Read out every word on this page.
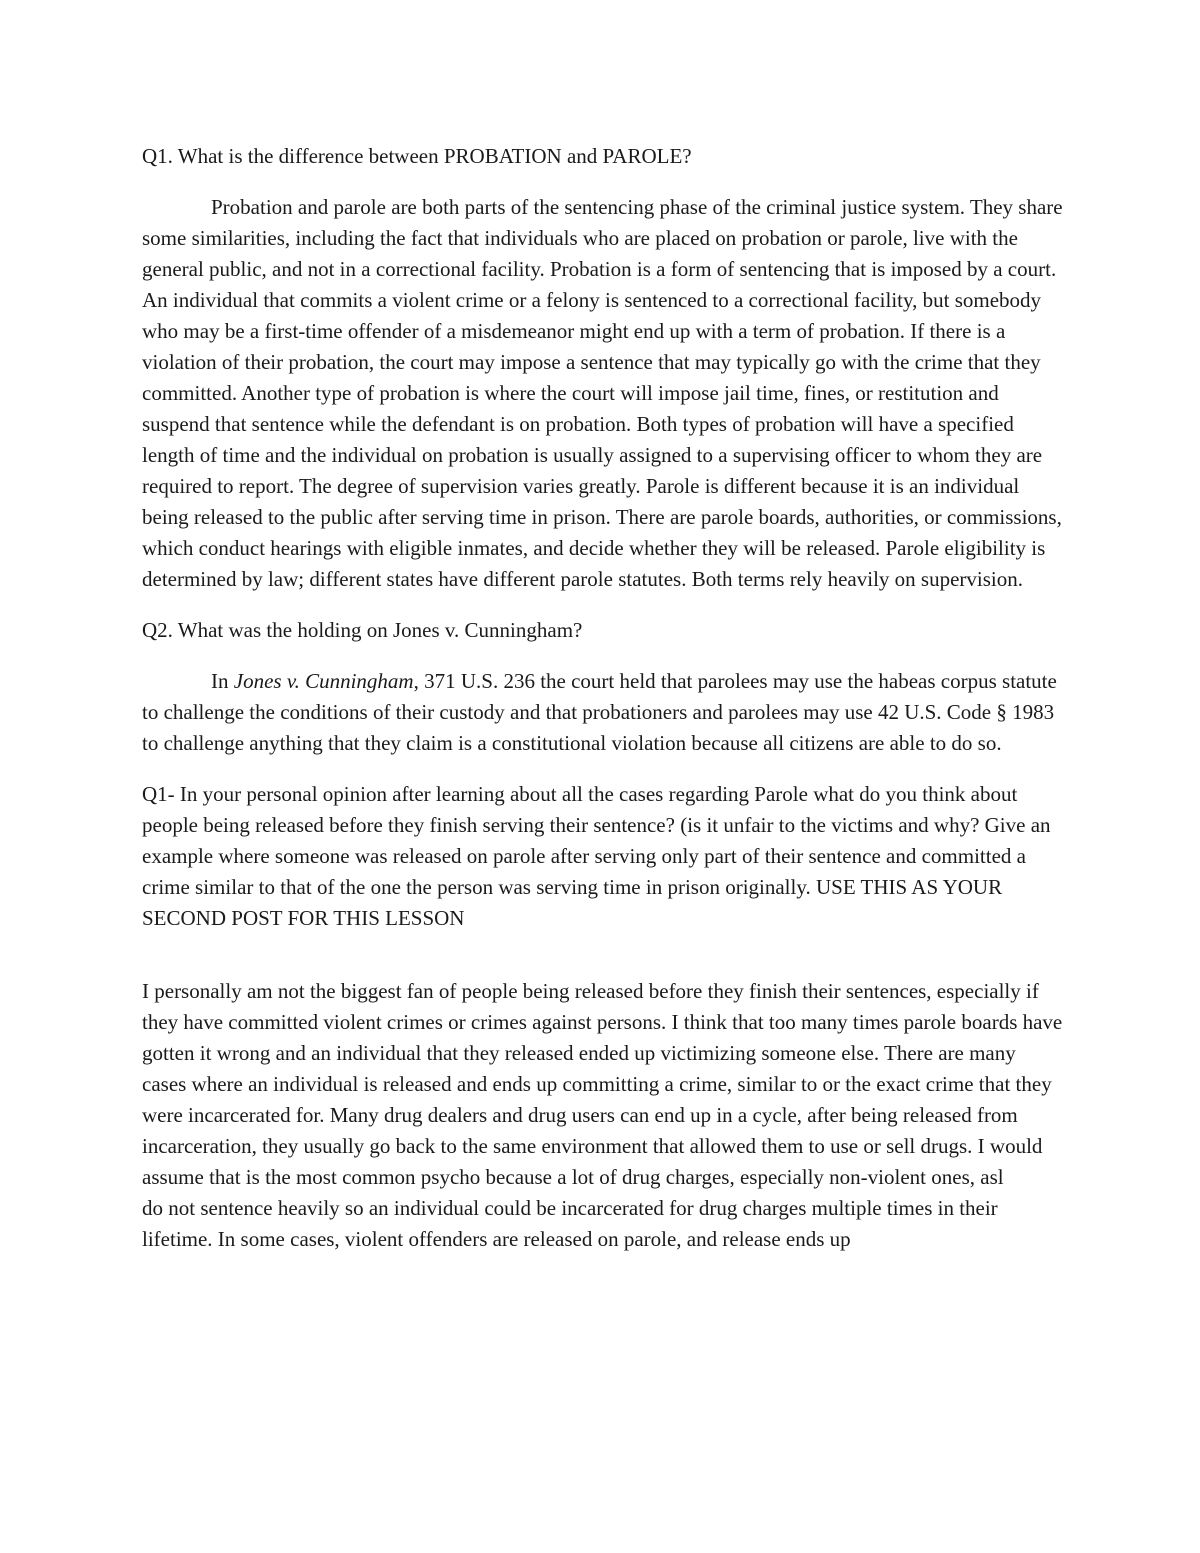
Q1. What is the difference between PROBATION and PAROLE?

Probation and parole are both parts of the sentencing phase of the criminal justice system. They share some similarities, including the fact that individuals who are placed on probation or parole, live with the general public, and not in a correctional facility. Probation is a form of sentencing that is imposed by a court. An individual that commits a violent crime or a felony is sentenced to a correctional facility, but somebody who may be a first-time offender of a misdemeanor might end up with a term of probation. If there is a violation of their probation, the court may impose a sentence that may typically go with the crime that they committed. Another type of probation is where the court will impose jail time, fines, or restitution and suspend that sentence while the defendant is on probation. Both types of probation will have a specified length of time and the individual on probation is usually assigned to a supervising officer to whom they are required to report. The degree of supervision varies greatly. Parole is different because it is an individual being released to the public after serving time in prison. There are parole boards, authorities, or commissions, which conduct hearings with eligible inmates, and decide whether they will be released. Parole eligibility is determined by law; different states have different parole statutes. Both terms rely heavily on supervision.

Q2. What was the holding on Jones v. Cunningham?

In Jones v. Cunningham, 371 U.S. 236 the court held that parolees may use the habeas corpus statute to challenge the conditions of their custody and that probationers and parolees may use 42 U.S. Code § 1983 to challenge anything that they claim is a constitutional violation because all citizens are able to do so.

Q1- In your personal opinion after learning about all the cases regarding Parole what do you think about people being released before they finish serving their sentence? (is it unfair to the victims and why? Give an example where someone was released on parole after serving only part of their sentence and committed a crime similar to that of the one the person was serving time in prison originally. USE THIS AS YOUR SECOND POST FOR THIS LESSON

I personally am not the biggest fan of people being released before they finish their sentences, especially if they have committed violent crimes or crimes against persons. I think that too many times parole boards have gotten it wrong and an individual that they released ended up victimizing someone else. There are many cases where an individual is released and ends up committing a crime, similar to or the exact crime that they were incarcerated for. Many drug dealers and drug users can end up in a cycle, after being released from incarceration, they usually go back to the same environment that allowed them to use or sell drugs. I would assume that is the most common psycho because a lot of drug charges, especially non-violent ones, asl

do not sentence heavily so an individual could be incarcerated for drug charges multiple times in their lifetime. In some cases, violent offenders are released on parole, and release ends up
